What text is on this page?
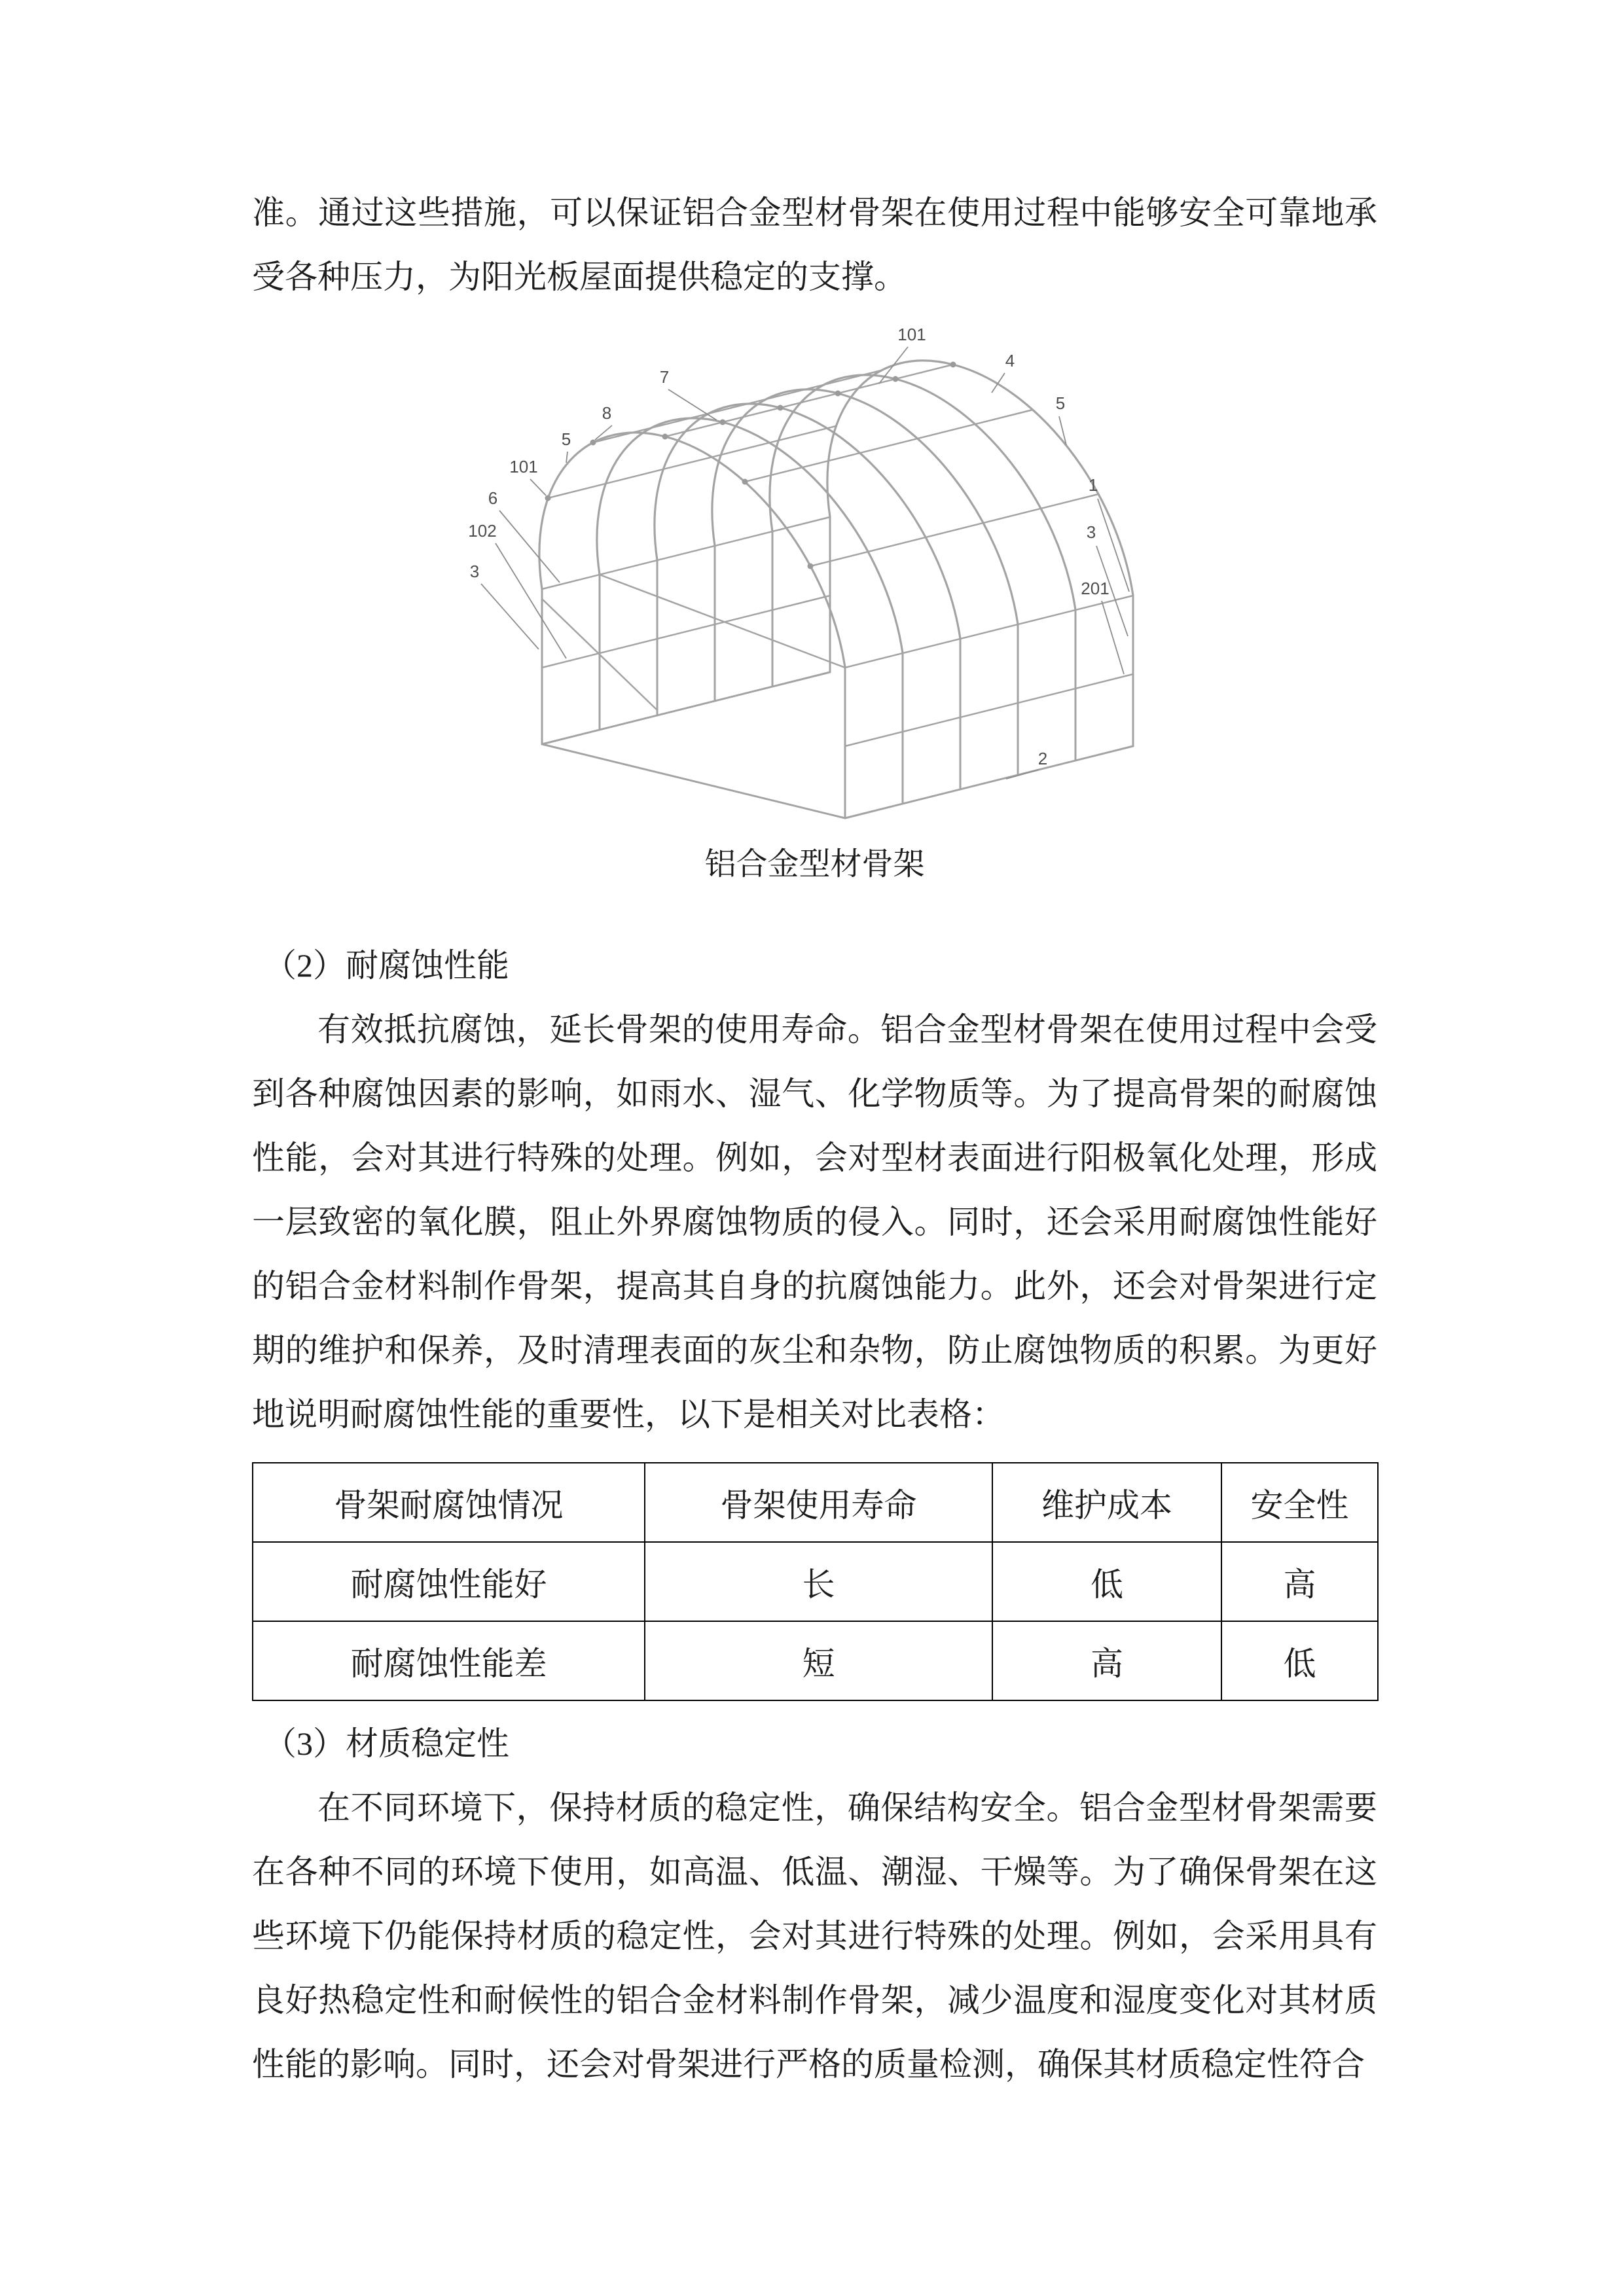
准。通过这些措施，可以保证铝合金型材骨架在使用过程中能够安全可靠地承受各种压力，为阳光板屋面提供稳定的支撑。

101
7
4
5
8
5
101
6
102
3
1
3
201
2
铝合金型材骨架

（2）耐腐蚀性能

有效抵抗腐蚀，延长骨架的使用寿命。铝合金型材骨架在使用过程中会受到各种腐蚀因素的影响，如雨水、湿气、化学物质等。为了提高骨架的耐腐蚀性能，会对其进行特殊的处理。例如，会对型材表面进行阳极氧化处理，形成一层致密的氧化膜，阻止外界腐蚀物质的侵入。同时，还会采用耐腐蚀性能好的铝合金材料制作骨架，提高其自身的抗腐蚀能力。此外，还会对骨架进行定期的维护和保养，及时清理表面的灰尘和杂物，防止腐蚀物质的积累。为更好地说明耐腐蚀性能的重要性，以下是相关对比表格：

骨架耐腐蚀情况	骨架使用寿命	维护成本	安全性
耐腐蚀性能好	长	低	高
耐腐蚀性能差	短	高	低

（3）材质稳定性

在不同环境下，保持材质的稳定性，确保结构安全。铝合金型材骨架需要在各种不同的环境下使用，如高温、低温、潮湿、干燥等。为了确保骨架在这些环境下仍能保持材质的稳定性，会对其进行特殊的处理。例如，会采用具有良好热稳定性和耐候性的铝合金材料制作骨架，减少温度和湿度变化对其材质性能的影响。同时，还会对骨架进行严格的质量检测，确保其材质稳定性符合
